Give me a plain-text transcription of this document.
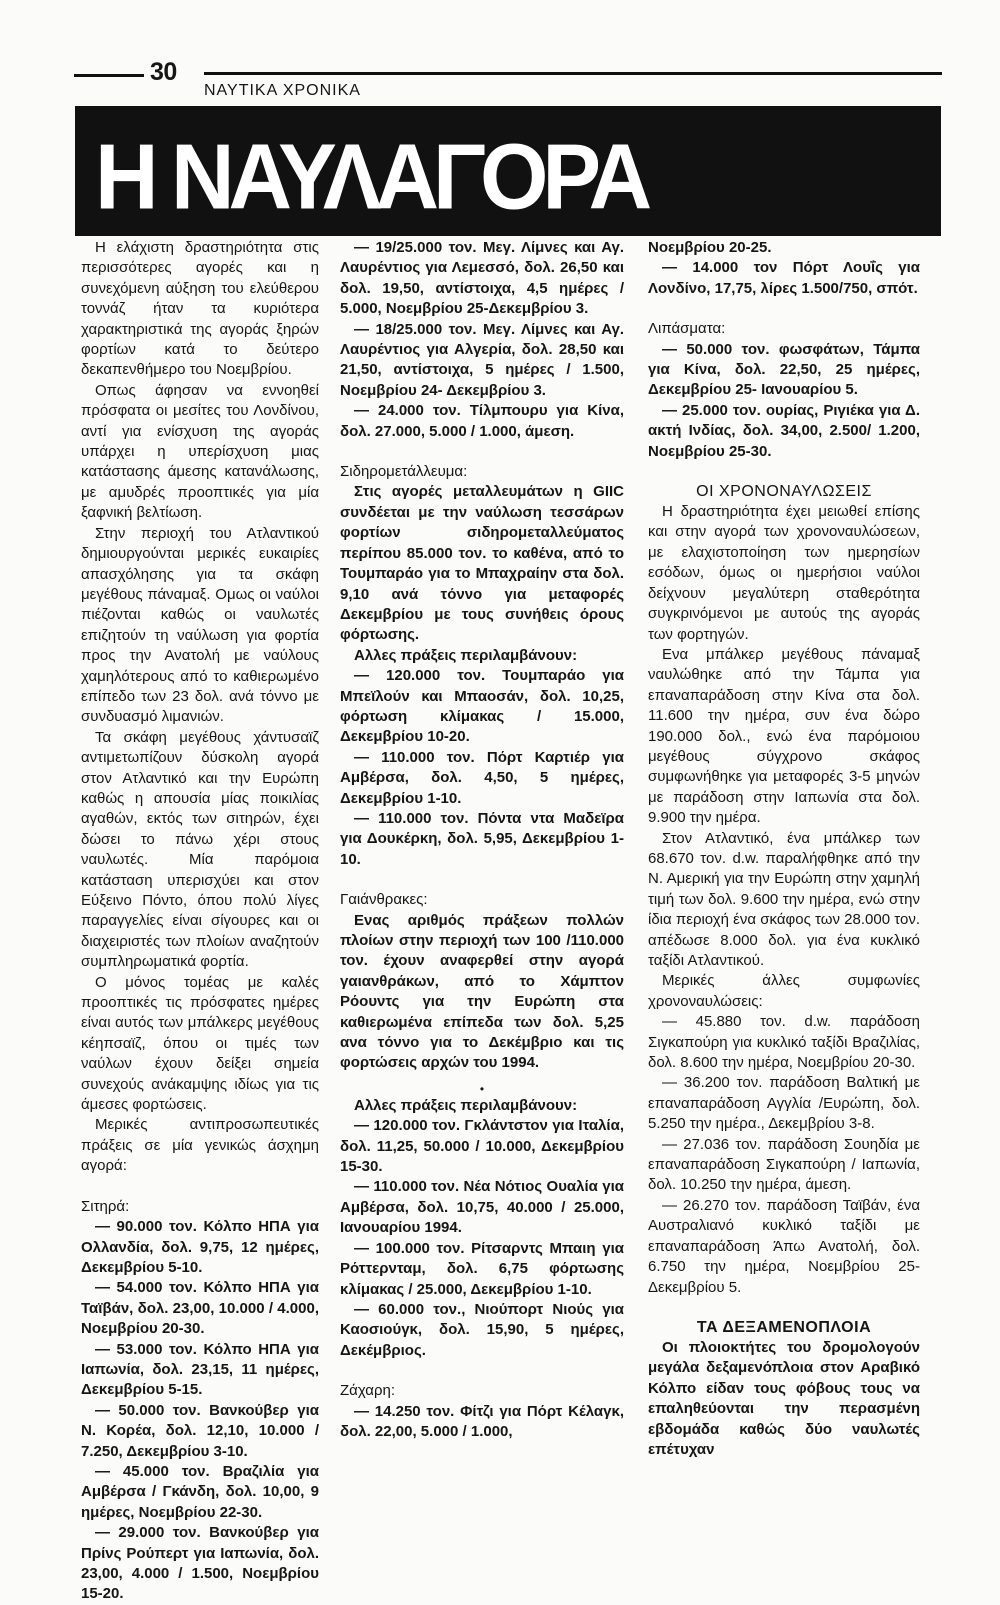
30
ΝΑΥΤΙΚΑ ΧΡΟΝΙΚΑ
Η ΝΑΥΛΑΓΟΡΑ

Η ελάχιστη δραστηριότητα στις περισσότερες αγορές και η συνεχόμενη αύξηση του ελεύθερου τοννάζ ήταν τα κυριότερα χαρακτηριστικά της αγοράς ξηρών φορτίων κατά το δεύτερο δεκαπενθήμερο του Νοεμβρίου.

Οπως άφησαν να εννοηθεί πρόσφατα οι μεσίτες του Λονδίνου, αντί για ενίσχυση της αγοράς υπάρχει η υπερίσχυση μιας κατάστασης άμεσης κατανάλωσης, με αμυδρές προοπτικές για μία ξαφνική βελτίωση.

Στην περιοχή του Ατλαντικού δημιουργούνται μερικές ευκαιρίες απασχόλησης για τα σκάφη μεγέθους πάναμαξ. Ομως οι ναύλοι πιέζονται καθώς οι ναυλωτές επιζητούν τη ναύλωση για φορτία προς την Ανατολή με ναύλους χαμηλότερους από το καθιερωμένο επίπεδο των 23 δολ. ανά τόννο με συνδυασμό λιμανιών.

Τα σκάφη μεγέθους χάντυσαϊζ αντιμετωπίζουν δύσκολη αγορά στον Ατλαντικό και την Ευρώπη καθώς η απουσία μίας ποικιλίας αγαθών, εκτός των σιτηρών, έχει δώσει το πάνω χέρι στους ναυλωτές. Μία παρόμοια κατάσταση υπερισχύει και στον Εύξεινο Πόντο, όπου πολύ λίγες παραγγελίες είναι σίγουρες και οι διαχειριστές των πλοίων αναζητούν συμπληρωματικά φορτία.

Ο μόνος τομέας με καλές προοπτικές τις πρόσφατες ημέρες είναι αυτός των μπάλκερς μεγέθους κέηπσαϊζ, όπου οι τιμές των ναύλων έχουν δείξει σημεία συνεχούς ανάκαμψης ιδίως για τις άμεσες φορτώσεις.

Μερικές αντιπροσωπευτικές πράξεις σε μία γενικώς άσχημη αγορά:

Σιτηρά:

— 90.000 τον. Κόλπο ΗΠΑ για Ολλανδία, δολ. 9,75, 12 ημέρες, Δεκεμβρίου 5-10.

— 54.000 τον. Κόλπο ΗΠΑ για Ταϊβάν, δολ. 23,00, 10.000 / 4.000, Νοεμβρίου 20-30.

— 53.000 τον. Κόλπο ΗΠΑ για Ιαπωνία, δολ. 23,15, 11 ημέρες, Δεκεμβρίου 5-15.

— 50.000 τον. Βανκούβερ για Ν. Κορέα, δολ. 12,10, 10.000 / 7.250, Δεκεμβρίου 3-10.

— 45.000 τον. Βραζιλία για Αμβέρσα / Γκάνδη, δολ. 10,00, 9 ημέρες, Νοεμβρίου 22-30.

— 29.000 τον. Βανκούβερ για Πρίνς Ρούπερτ για Ιαπωνία, δολ. 23,00, 4.000 / 1.500, Νοεμβρίου 15-20.

— 19/25.000 τον. Μεγ. Λίμνες και Αγ. Λαυρέντιος για Λεμεσσό, δολ. 26,50 και δολ. 19,50, αντίστοιχα, 4,5 ημέρες / 5.000, Νοεμβρίου 25-Δεκεμβρίου 3.

— 18/25.000 τον. Μεγ. Λίμνες και Αγ. Λαυρέντιος για Αλγερία, δολ. 28,50 και 21,50, αντίστοιχα, 5 ημέρες / 1.500, Νοεμβρίου 24- Δεκεμβρίου 3.

— 24.000 τον. Τίλμπουρυ για Κίνα, δολ. 27.000, 5.000 / 1.000, άμεση.

Σιδηρομετάλλευμα:

Στις αγορές μεταλλευμάτων η GIIC συνδέεται με την ναύλωση τεσσάρων φορτίων σιδηρομεταλλεύματος περίπου 85.000 τον. το καθένα, από το Τουμπαράο για το Μπαχραίην στα δολ. 9,10 ανά τόννο για μεταφορές Δεκεμβρίου με τους συνήθεις όρους φόρτωσης.

Αλλες πράξεις περιλαμβάνουν:

— 120.000 τον. Τουμπαράο για Μπεϊλούν και Μπαοσάν, δολ. 10,25, φόρτωση κλίμακας / 15.000, Δεκεμβρίου 10-20.

— 110.000 τον. Πόρτ Καρτιέρ για Αμβέρσα, δολ. 4,50, 5 ημέρες, Δεκεμβρίου 1-10.

— 110.000 τον. Πόντα ντα Μαδεϊρα για Δουκέρκη, δολ. 5,95, Δεκεμβρίου 1-10.

Γαιάνθρακες:

Ενας αριθμός πράξεων πολλών πλοίων στην περιοχή των 100 /110.000 τον. έχουν αναφερθεί στην αγορά γαιανθράκων, από το Χάμπτον Ρόουντς για την Ευρώπη στα καθιερωμένα επίπεδα των δολ. 5,25 ανα τόννο για το Δεκέμβριο και τις φορτώσεις αρχών του 1994.

•

Αλλες πράξεις περιλαμβάνουν:

— 120.000 τον. Γκλάντστον για Ιταλία, δολ. 11,25, 50.000 / 10.000, Δεκεμβρίου 15-30.

— 110.000 τον. Νέα Νότιος Ουαλία για Αμβέρσα, δολ. 10,75, 40.000 / 25.000, Ιανουαρίου 1994.

— 100.000 τον. Ρίτσαρντς Μπαιη για Ρόττερνταμ, δολ. 6,75 φόρτωσης κλίμακας / 25.000, Δεκεμβρίου 1-10.

— 60.000 τον., Νιούπορτ Νιούς για Καοσιούγκ, δολ. 15,90, 5 ημέρες, Δεκέμβριος.

Ζάχαρη:

— 14.250 τον. Φίτζι για Πόρτ Κέλαγκ, δολ. 22,00, 5.000 / 1.000,

Νοεμβρίου 20-25.

— 14.000 τον Πόρτ Λουΐς για Λονδίνο, 17,75, λίρες 1.500/750, σπότ.

Λιπάσματα:

— 50.000 τον. φωσφάτων, Τάμπα για Κίνα, δολ. 22,50, 25 ημέρες, Δεκεμβρίου 25- Ιανουαρίου 5.

— 25.000 τον. ουρίας, Ριγιέκα για Δ. ακτή Ινδίας, δολ. 34,00, 2.500/ 1.200, Νοεμβρίου 25-30.

ΟΙ ΧΡΟΝΟΝΑΥΛΩΣΕΙΣ

Η δραστηριότητα έχει μειωθεί επίσης και στην αγορά των χρονοναυλώσεων, με ελαχιστοποίηση των ημερησίων εσόδων, όμως οι ημερήσιοι ναύλοι δείχνουν μεγαλύτερη σταθερότητα συγκρινόμενοι με αυτούς της αγοράς των φορτηγών.

Ενα μπάλκερ μεγέθους πάναμαξ ναυλώθηκε από την Τάμπα για επαναπαράδοση στην Κίνα στα δολ. 11.600 την ημέρα, συν ένα δώρο 190.000 δολ., ενώ ένα παρόμοιου μεγέθους σύγχρονο σκάφος συμφωνήθηκε για μεταφορές 3-5 μηνών με παράδοση στην Ιαπωνία στα δολ. 9.900 την ημέρα.

Στον Ατλαντικό, ένα μπάλκερ των 68.670 τον. d.w. παραλήφθηκε από την Ν. Αμερική για την Ευρώπη στην χαμηλή τιμή των δολ. 9.600 την ημέρα, ενώ στην ίδια περιοχή ένα σκάφος των 28.000 τον. απέδωσε 8.000 δολ. για ένα κυκλικό ταξίδι Ατλαντικού.

Μερικές άλλες συμφωνίες χρονοναυλώσεις:

— 45.880 τον. d.w. παράδοση Σιγκαπούρη για κυκλικό ταξίδι Βραζιλίας, δολ. 8.600 την ημέρα, Νοεμβρίου 20-30.

— 36.200 τον. παράδοση Βαλτική με επαναπαράδοση Αγγλία /Ευρώπη, δολ. 5.250 την ημέρα., Δεκεμβρίου 3-8.

— 27.036 τον. παράδοση Σουηδία με επαναπαράδοση Σιγκαπούρη / Ιαπωνία, δολ. 10.250 την ημέρα, άμεση.

— 26.270 τον. παράδοση Ταϊβάν, ένα Αυστραλιανό κυκλικό ταξίδι με επαναπαράδοση Άπω Ανατολή, δολ. 6.750 την ημέρα, Νοεμβρίου 25- Δεκεμβρίου 5.

ΤΑ ΔΕΞΑΜΕΝΟΠΛΟΙΑ

Οι πλοιοκτήτες του δρομολογούν μεγάλα δεξαμενόπλοια στον Αραβικό Κόλπο είδαν τους φόβους τους να επαληθεύονται την περασμένη εβδομάδα καθώς δύο ναυλωτές επέτυχαν
